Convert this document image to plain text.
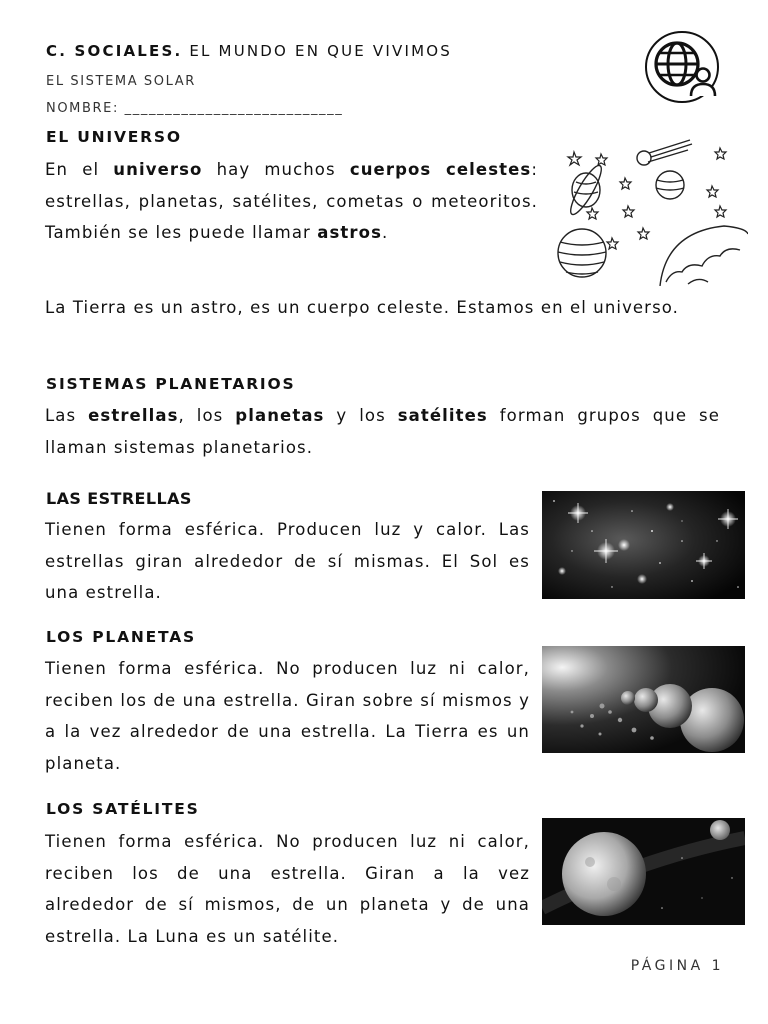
C. SOCIALES. EL MUNDO EN QUE VIVIMOS
EL SISTEMA SOLAR
NOMBRE: ___________________________
EL UNIVERSO
En el universo hay muchos cuerpos celestes: estrellas, planetas, satélites, cometas o meteoritos. También se les puede llamar astros.
La Tierra es un astro, es un cuerpo celeste. Estamos en el universo.
SISTEMAS PLANETARIOS
Las estrellas, los planetas y los satélites forman grupos que se llaman sistemas planetarios.
LAS ESTRELLAS
Tienen forma esférica. Producen luz y calor. Las estrellas giran alrededor de sí mismas. El Sol es una estrella.
LOS PLANETAS
Tienen forma esférica. No producen luz ni calor, reciben los de una estrella. Giran sobre sí mismos y a la vez alrededor de una estrella. La Tierra es un planeta.
LOS SATÉLITES
Tienen forma esférica. No producen luz ni calor, reciben los de una estrella. Giran a la vez alrededor de sí mismos, de un planeta y de una estrella. La Luna es un satélite.
PÁGINA 1
